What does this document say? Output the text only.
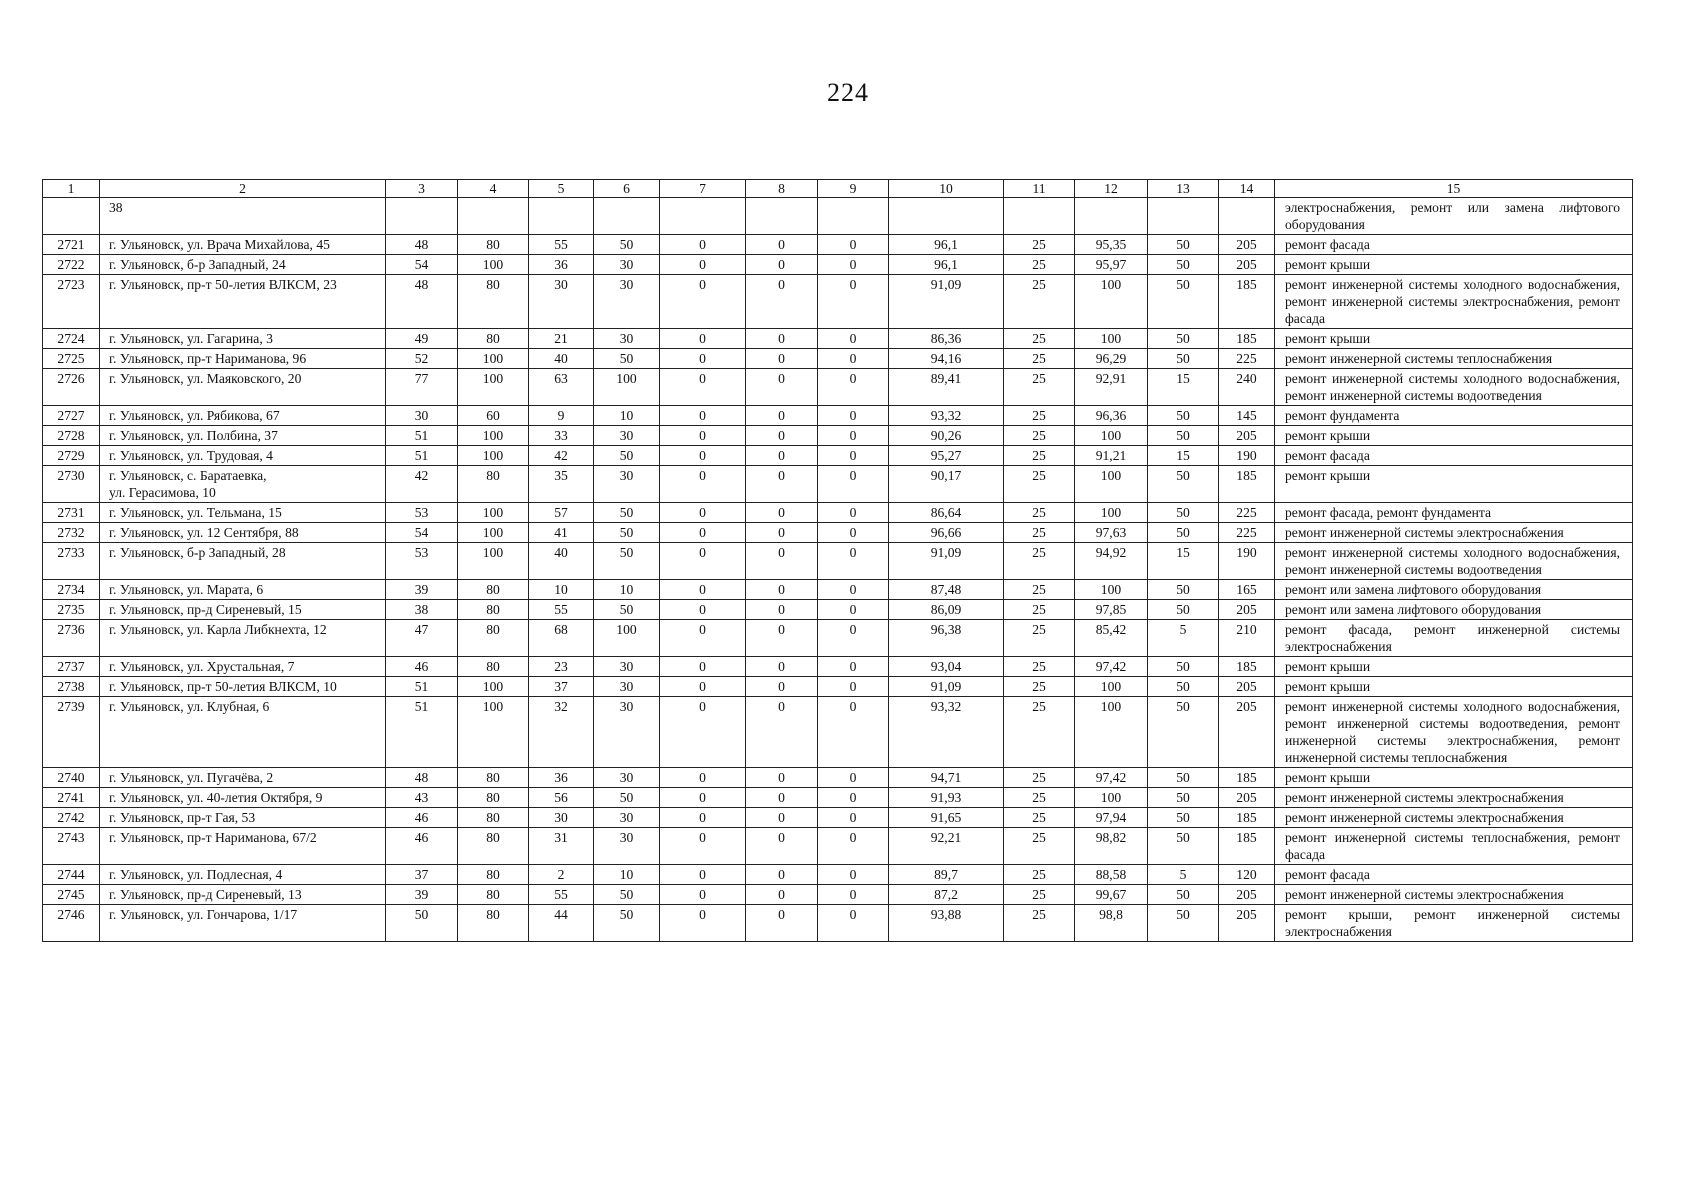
224
1	2	3	4	5	6	7	8	9	10	11	12	13	14	15
	38													электроснабжения, ремонт или замена лифтового оборудования
2721	г. Ульяновск, ул. Врача Михайлова, 45	48	80	55	50	0	0	0	96,1	25	95,35	50	205	ремонт фасада
2722	г. Ульяновск, б-р Западный, 24	54	100	36	30	0	0	0	96,1	25	95,97	50	205	ремонт крыши
2723	г. Ульяновск, пр-т 50-летия ВЛКСМ, 23	48	80	30	30	0	0	0	91,09	25	100	50	185	ремонт инженерной системы холодного водоснабжения, ремонт инженерной системы электроснабжения, ремонт фасада
2724	г. Ульяновск, ул. Гагарина, 3	49	80	21	30	0	0	0	86,36	25	100	50	185	ремонт крыши
2725	г. Ульяновск, пр-т Нариманова, 96	52	100	40	50	0	0	0	94,16	25	96,29	50	225	ремонт инженерной системы теплоснабжения
2726	г. Ульяновск, ул. Маяковского, 20	77	100	63	100	0	0	0	89,41	25	92,91	15	240	ремонт инженерной системы холодного водоснабжения, ремонт инженерной системы водоотведения
2727	г. Ульяновск, ул. Рябикова, 67	30	60	9	10	0	0	0	93,32	25	96,36	50	145	ремонт фундамента
2728	г. Ульяновск, ул. Полбина, 37	51	100	33	30	0	0	0	90,26	25	100	50	205	ремонт крыши
2729	г. Ульяновск, ул. Трудовая, 4	51	100	42	50	0	0	0	95,27	25	91,21	15	190	ремонт фасада
2730	г. Ульяновск, с. Баратаевка,
ул. Герасимова, 10	42	80	35	30	0	0	0	90,17	25	100	50	185	ремонт крыши
2731	г. Ульяновск, ул. Тельмана, 15	53	100	57	50	0	0	0	86,64	25	100	50	225	ремонт фасада, ремонт фундамента
2732	г. Ульяновск, ул. 12 Сентября, 88	54	100	41	50	0	0	0	96,66	25	97,63	50	225	ремонт инженерной системы электроснабжения
2733	г. Ульяновск, б-р Западный, 28	53	100	40	50	0	0	0	91,09	25	94,92	15	190	ремонт инженерной системы холодного водоснабжения, ремонт инженерной системы водоотведения
2734	г. Ульяновск, ул. Марата, 6	39	80	10	10	0	0	0	87,48	25	100	50	165	ремонт или замена лифтового оборудования
2735	г. Ульяновск, пр-д Сиреневый, 15	38	80	55	50	0	0	0	86,09	25	97,85	50	205	ремонт или замена лифтового оборудования
2736	г. Ульяновск, ул. Карла Либкнехта, 12	47	80	68	100	0	0	0	96,38	25	85,42	5	210	ремонт фасада, ремонт инженерной системы электроснабжения
2737	г. Ульяновск, ул. Хрустальная, 7	46	80	23	30	0	0	0	93,04	25	97,42	50	185	ремонт крыши
2738	г. Ульяновск, пр-т 50-летия ВЛКСМ, 10	51	100	37	30	0	0	0	91,09	25	100	50	205	ремонт крыши
2739	г. Ульяновск, ул. Клубная, 6	51	100	32	30	0	0	0	93,32	25	100	50	205	ремонт инженерной системы холодного водоснабжения, ремонт инженерной системы водоотведения, ремонт инженерной системы электроснабжения, ремонт инженерной системы теплоснабжения
2740	г. Ульяновск, ул. Пугачёва, 2	48	80	36	30	0	0	0	94,71	25	97,42	50	185	ремонт крыши
2741	г. Ульяновск, ул. 40-летия Октября, 9	43	80	56	50	0	0	0	91,93	25	100	50	205	ремонт инженерной системы электроснабжения
2742	г. Ульяновск, пр-т Гая, 53	46	80	30	30	0	0	0	91,65	25	97,94	50	185	ремонт инженерной системы электроснабжения
2743	г. Ульяновск, пр-т Нариманова, 67/2	46	80	31	30	0	0	0	92,21	25	98,82	50	185	ремонт инженерной системы теплоснабжения, ремонт фасада
2744	г. Ульяновск, ул. Подлесная, 4	37	80	2	10	0	0	0	89,7	25	88,58	5	120	ремонт фасада
2745	г. Ульяновск, пр-д Сиреневый, 13	39	80	55	50	0	0	0	87,2	25	99,67	50	205	ремонт инженерной системы электроснабжения
2746	г. Ульяновск, ул. Гончарова, 1/17	50	80	44	50	0	0	0	93,88	25	98,8	50	205	ремонт крыши, ремонт инженерной системы электроснабжения
